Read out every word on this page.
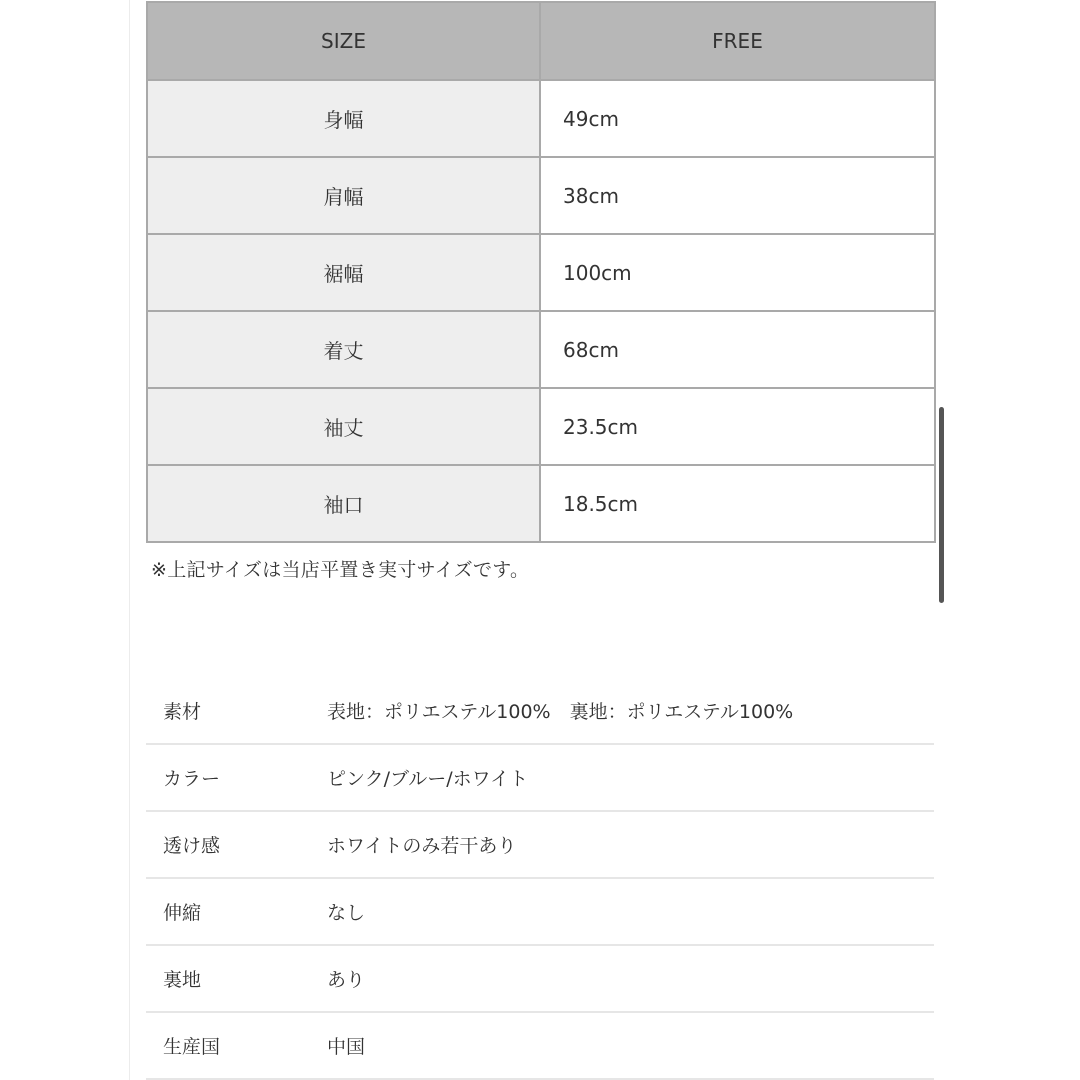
SIZE	FREE
身幅	49cm
肩幅	38cm
裾幅	100cm
着丈	68cm
袖丈	23.5cm
袖口	18.5cm
※上記サイズは当店平置き実寸サイズです。
素材	表地：ポリエステル100%　裏地：ポリエステル100%
カラー	ピンク/ブルー/ホワイト
透け感	ホワイトのみ若干あり
伸縮	なし
裏地	あり
生産国	中国
